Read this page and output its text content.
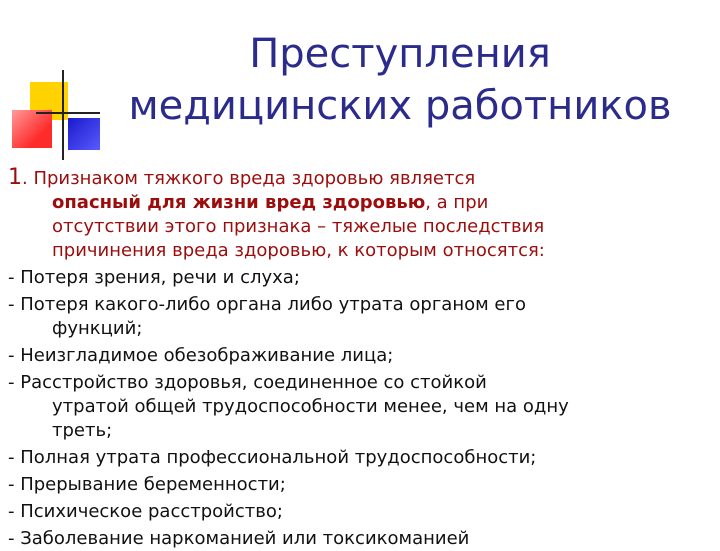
Преступления
медицинских работников
1. Признаком тяжкого вреда здоровью является
опасный для жизни вред здоровью, а при
отсутствии этого признака – тяжелые последствия
причинения вреда здоровью, к которым относятся:
- Потеря зрения, речи и слуха;
- Потеря какого-либо органа либо утрата органом его
функций;
- Неизгладимое обезображивание лица;
- Расстройство здоровья, соединенное со стойкой
утратой общей трудоспособности менее, чем на одну
треть;
- Полная утрата профессиональной трудоспособности;
- Прерывание беременности;
- Психическое расстройство;
- Заболевание наркоманией или токсикоманией
